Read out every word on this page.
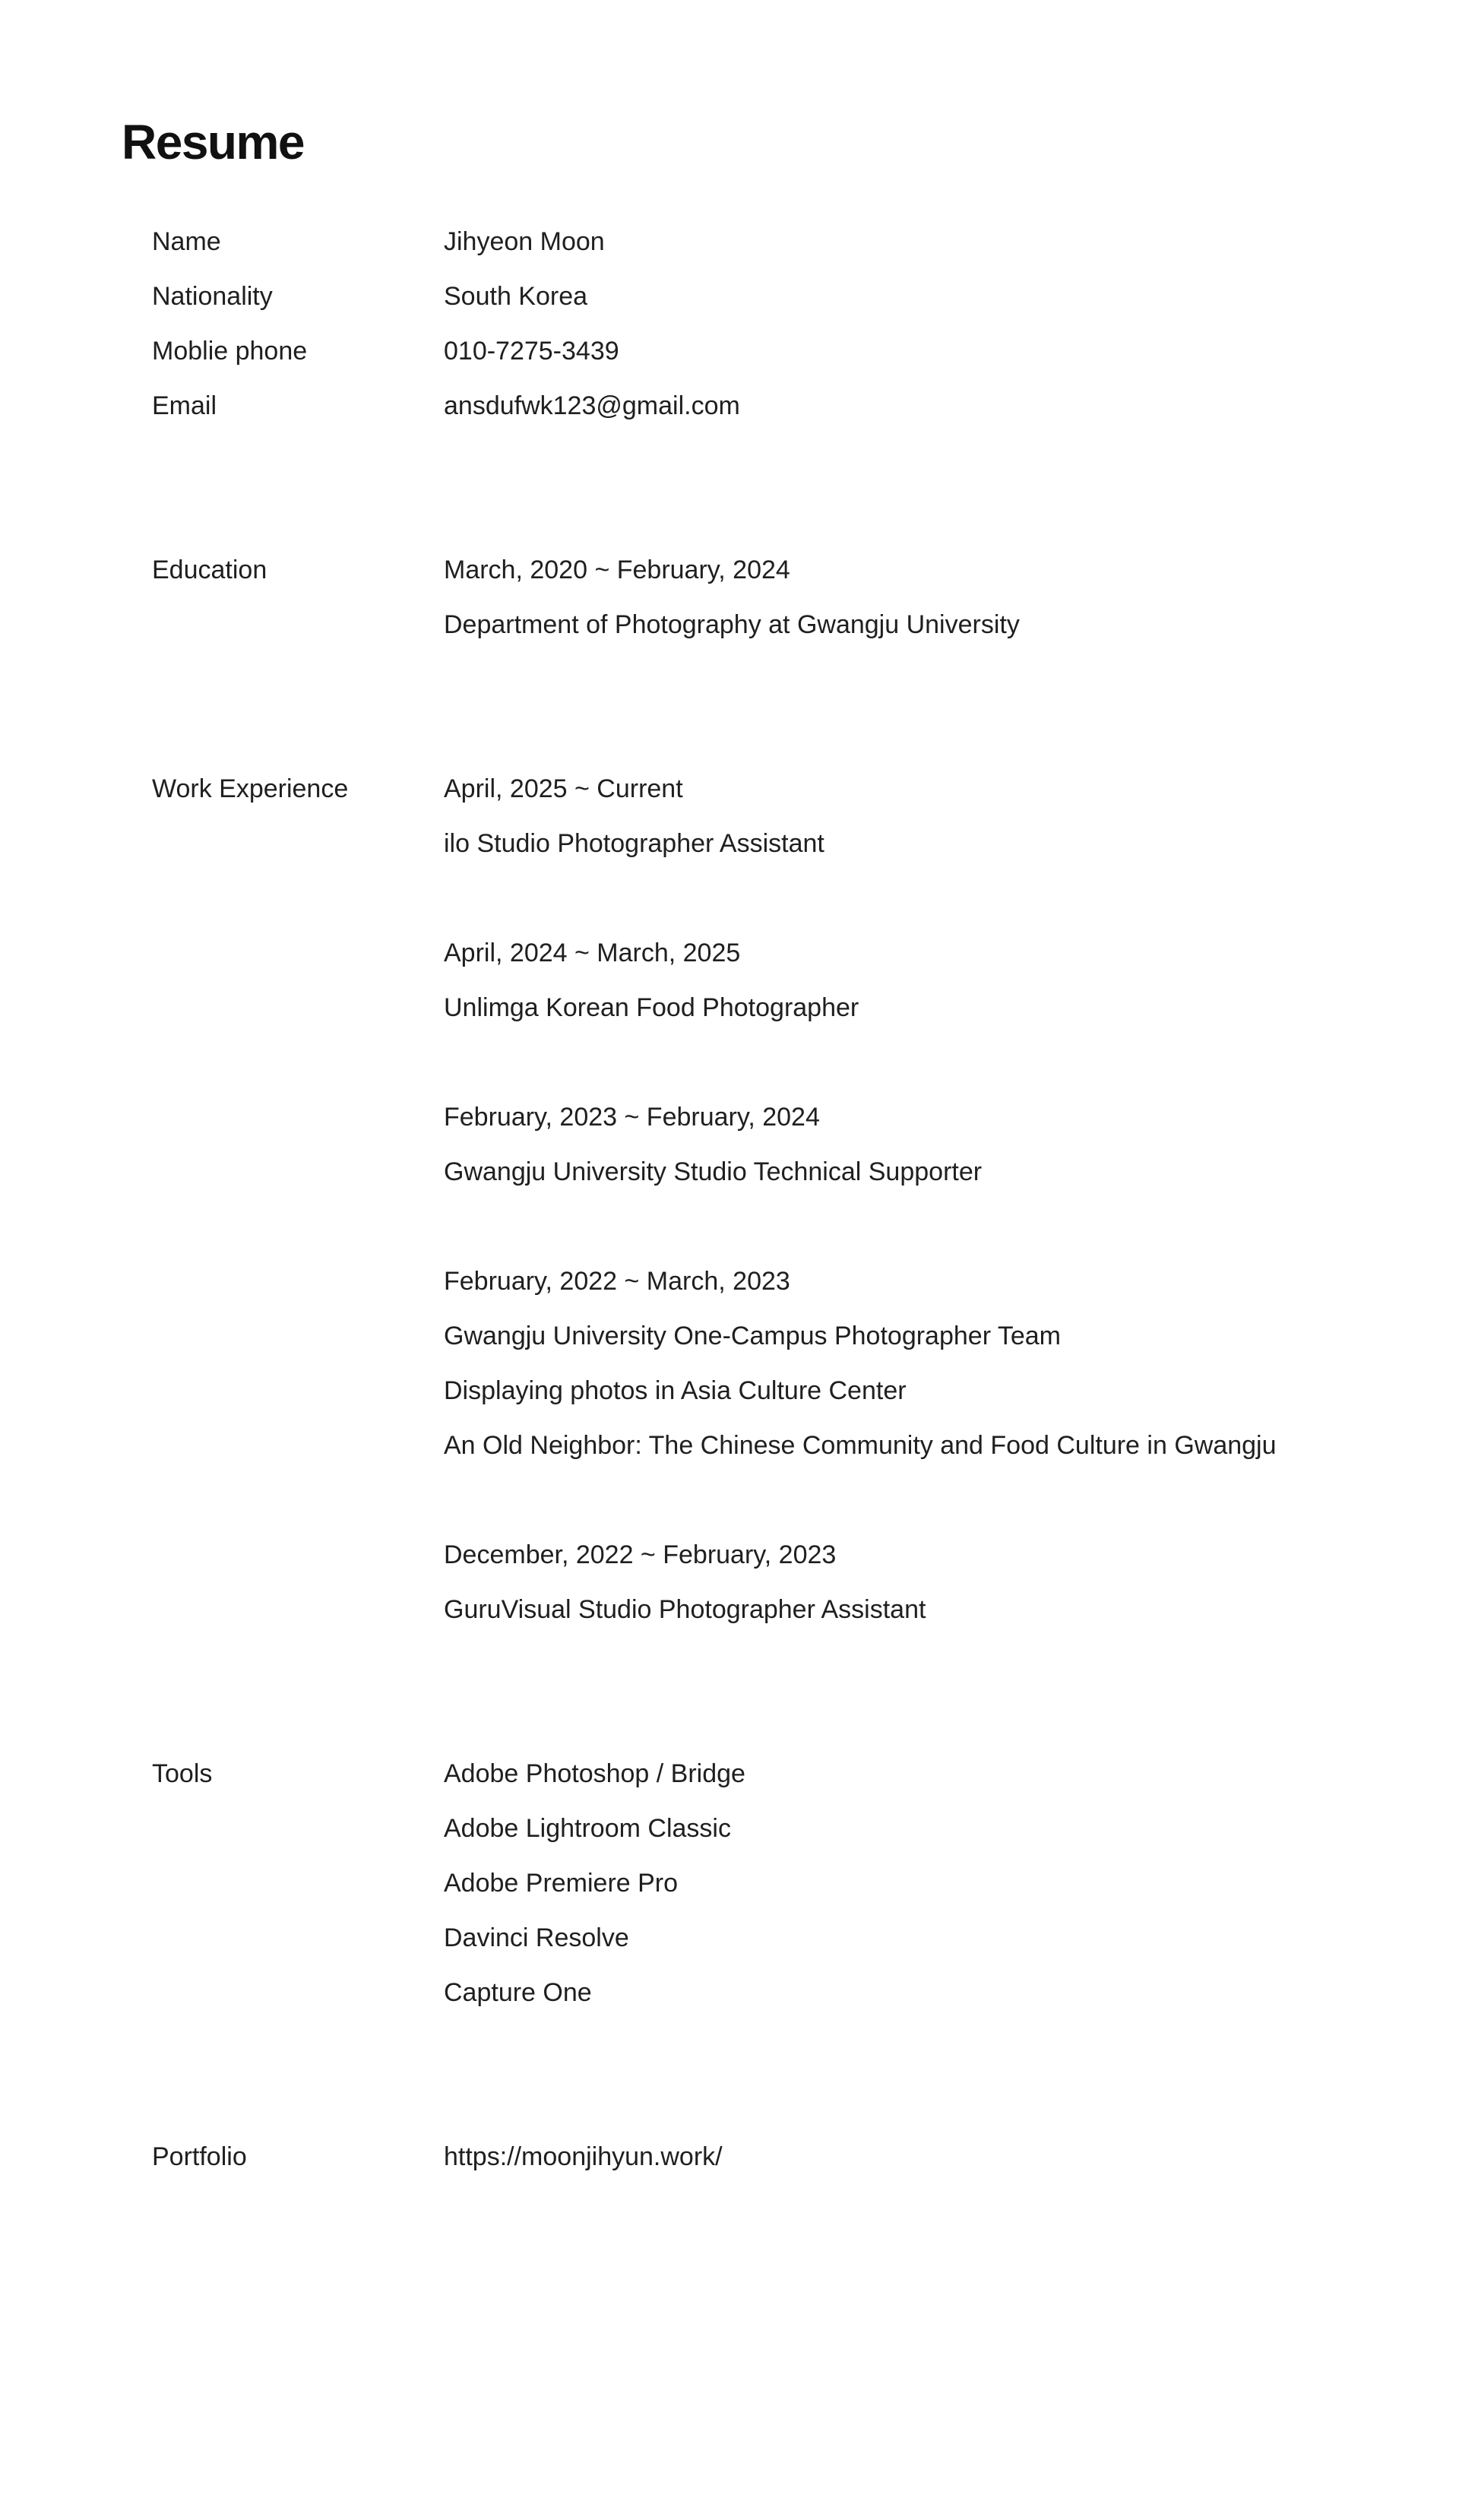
Resume
Name	Jihyeon Moon
Nationality	South Korea
Moblie phone	010-7275-3439
Email	ansdufwk123@gmail.com
Education	March, 2020 ~ February, 2024
Department of Photography at Gwangju University
Work Experience	April, 2025 ~ Current
ilo Studio Photographer Assistant
April, 2024 ~ March, 2025
Unlimga Korean Food Photographer
February, 2023 ~ February, 2024
Gwangju University Studio Technical Supporter
February, 2022 ~ March, 2023
Gwangju University One-Campus Photographer Team
Displaying photos in Asia Culture Center
An Old Neighbor: The Chinese Community and Food Culture in Gwangju
December, 2022 ~ February, 2023
GuruVisual Studio Photographer Assistant
Tools	Adobe Photoshop / Bridge
Adobe Lightroom Classic
Adobe Premiere Pro
Davinci Resolve
Capture One
Portfolio	https://moonjihyun.work/
